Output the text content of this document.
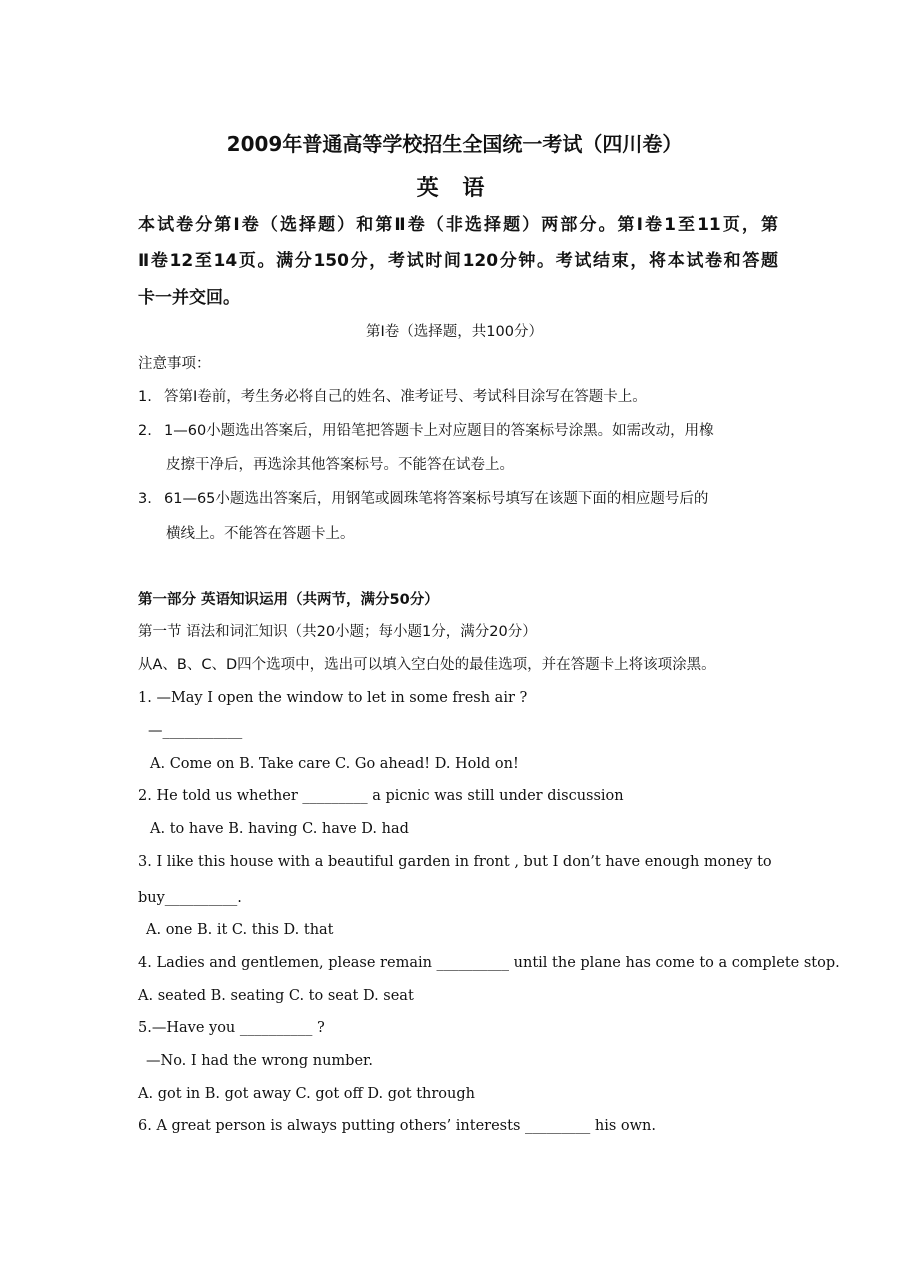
2009年普通高等学校招生全国统一考试（四川卷）
英 语
本试卷分第Ⅰ卷（选择题）和第Ⅱ卷（非选择题）两部分。第Ⅰ卷1至11页，第
Ⅱ卷12至14页。满分150分，考试时间120分钟。考试结束，将本试卷和答题
卡一并交回。
第Ⅰ卷（选择题，共100分）
注意事项：
1. 答第Ⅰ卷前，考生务必将自己的姓名、准考证号、考试科目涂写在答题卡上。
2. 1—60小题选出答案后，用铅笔把答题卡上对应题目的答案标号涂黑。如需改动，用橡
皮擦干净后，再选涂其他答案标号。不能答在试卷上。
3. 61—65小题选出答案后，用钢笔或圆珠笔将答案标号填写在该题下面的相应题号后的
横线上。不能答在答题卡上。
第一部分 英语知识运用（共两节，满分50分）
第一节 语法和词汇知识（共20小题；每小题1分，满分20分）
从A、B、C、D四个选项中，选出可以填入空白处的最佳选项，并在答题卡上将该项涂黑。
1. —May I open the window to let in some fresh air ?
—___________
A. Come on B. Take care C. Go ahead! D. Hold on!
2. He told us whether _________ a picnic was still under discussion
A. to have B. having C. have D. had
3. I like this house with a beautiful garden in front , but I don’t have enough money to
buy__________.
A. one B. it C. this D. that
4. Ladies and gentlemen, please remain __________ until the plane has come to a complete stop.
A. seated B. seating C. to seat D. seat
5.—Have you __________ ?
—No. I had the wrong number.
A. got in B. got away C. got off D. got through
6. A great person is always putting others’ interests _________ his own.
